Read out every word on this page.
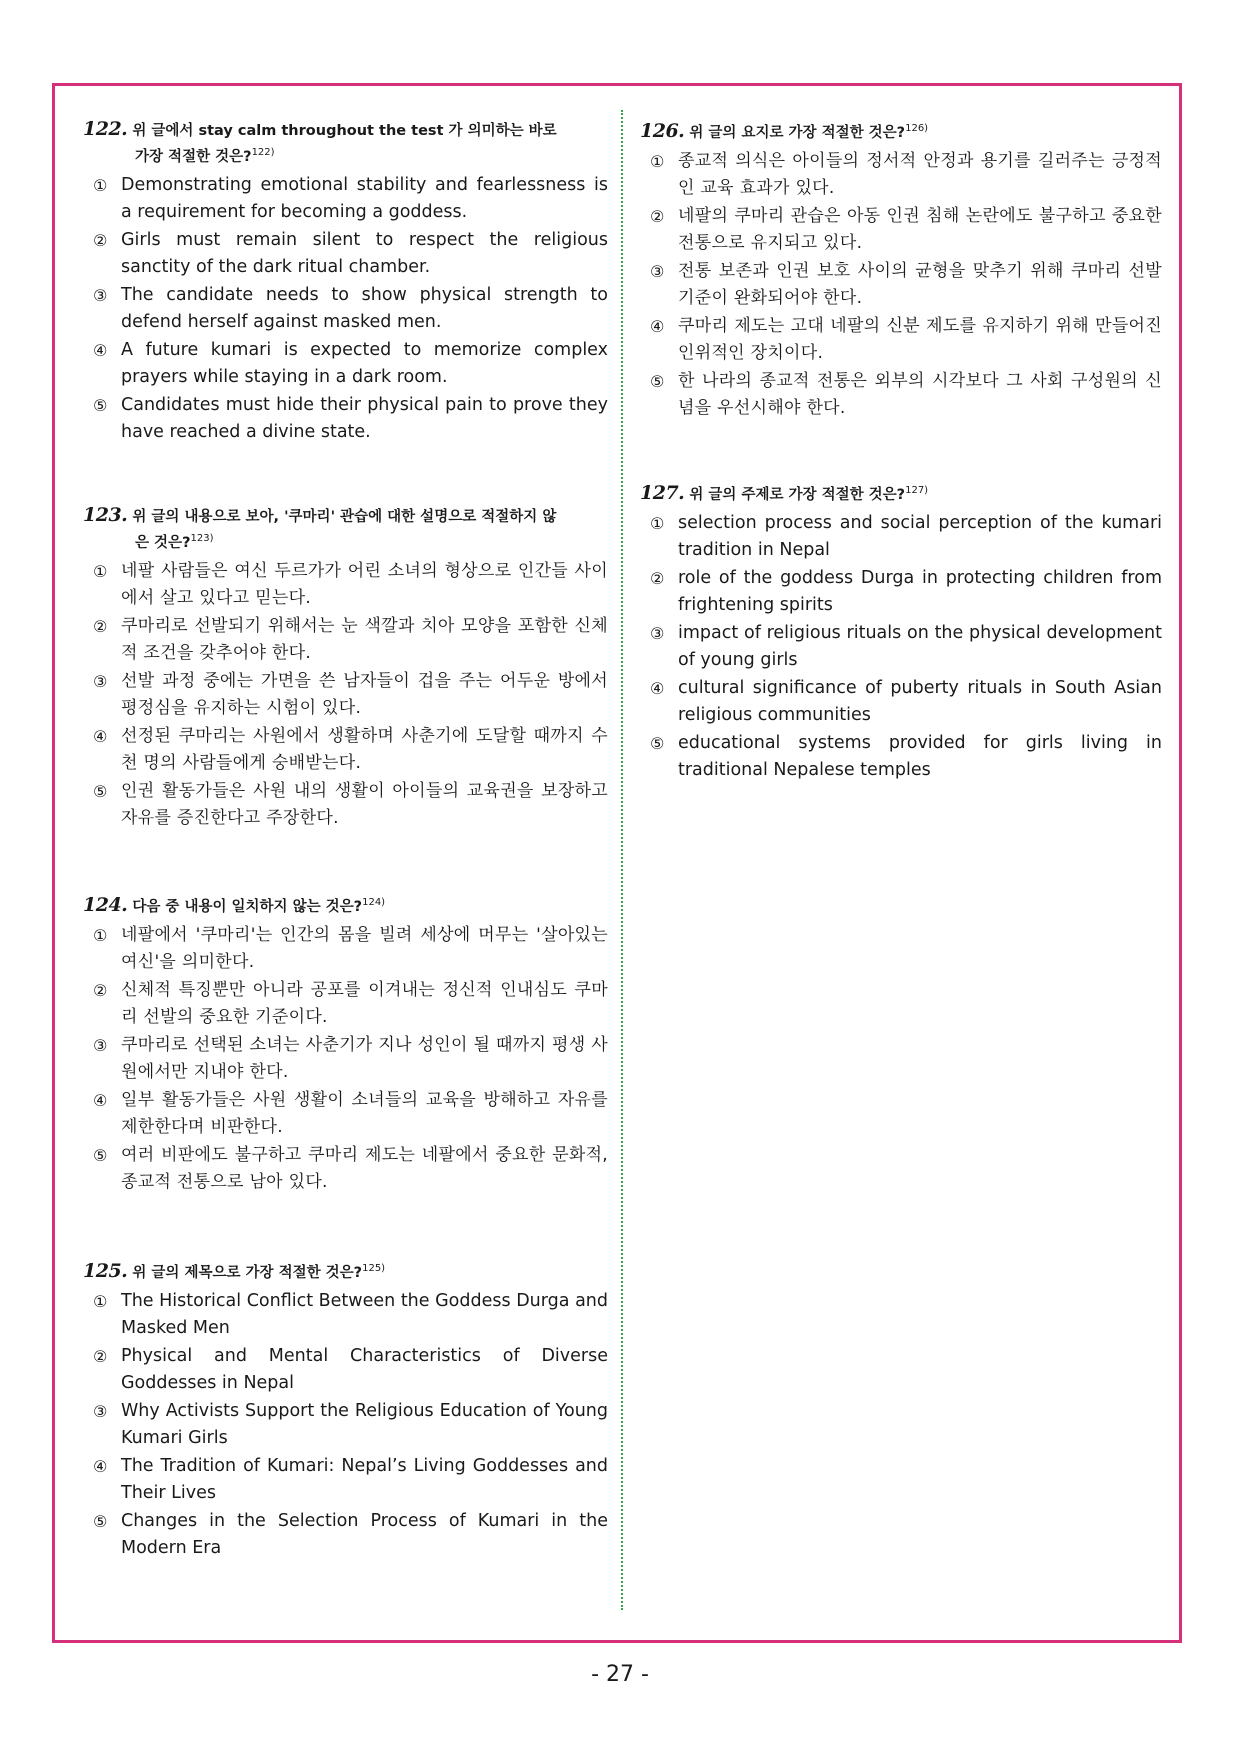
122. 위 글에서 stay calm throughout the test 가 의미하는 바로
가장 적절한 것은?$^{122)}$
① Demonstrating emotional stability and fearlessness is a requirement for becoming a goddess.
② Girls must remain silent to respect the religious sanctity of the dark ritual chamber.
③ The candidate needs to show physical strength to defend herself against masked men.
④ A future kumari is expected to memorize complex prayers while staying in a dark room.
⑤ Candidates must hide their physical pain to prove they have reached a divine state.
123. 위 글의 내용으로 보아, '쿠마리' 관습에 대한 설명으로 적절하지 않
은 것은?$^{123)}$
① 네팔 사람들은 여신 두르가가 어린 소녀의 형상으로 인간들 사이에서 살고 있다고 믿는다.
② 쿠마리로 선발되기 위해서는 눈 색깔과 치아 모양을 포함한 신체적 조건을 갖추어야 한다.
③ 선발 과정 중에는 가면을 쓴 남자들이 겁을 주는 어두운 방에서 평정심을 유지하는 시험이 있다.
④ 선정된 쿠마리는 사원에서 생활하며 사춘기에 도달할 때까지 수천 명의 사람들에게 숭배받는다.
⑤ 인권 활동가들은 사원 내의 생활이 아이들의 교육권을 보장하고 자유를 증진한다고 주장한다.
124. 다음 중 내용이 일치하지 않는 것은?$^{124)}$
① 네팔에서 '쿠마리'는 인간의 몸을 빌려 세상에 머무는 '살아있는 여신'을 의미한다.
② 신체적 특징뿐만 아니라 공포를 이겨내는 정신적 인내심도 쿠마리 선발의 중요한 기준이다.
③ 쿠마리로 선택된 소녀는 사춘기가 지나 성인이 될 때까지 평생 사원에서만 지내야 한다.
④ 일부 활동가들은 사원 생활이 소녀들의 교육을 방해하고 자유를 제한한다며 비판한다.
⑤ 여러 비판에도 불구하고 쿠마리 제도는 네팔에서 중요한 문화적, 종교적 전통으로 남아 있다.
125. 위 글의 제목으로 가장 적절한 것은?$^{125)}$
① The Historical Conflict Between the Goddess Durga and Masked Men
② Physical and Mental Characteristics of Diverse Goddesses in Nepal
③ Why Activists Support the Religious Education of Young Kumari Girls
④ The Tradition of Kumari: Nepal’s Living Goddesses and Their Lives
⑤ Changes in the Selection Process of Kumari in the Modern Era
126. 위 글의 요지로 가장 적절한 것은?$^{126)}$
① 종교적 의식은 아이들의 정서적 안정과 용기를 길러주는 긍정적인 교육 효과가 있다.
② 네팔의 쿠마리 관습은 아동 인권 침해 논란에도 불구하고 중요한 전통으로 유지되고 있다.
③ 전통 보존과 인권 보호 사이의 균형을 맞추기 위해 쿠마리 선발 기준이 완화되어야 한다.
④ 쿠마리 제도는 고대 네팔의 신분 제도를 유지하기 위해 만들어진 인위적인 장치이다.
⑤ 한 나라의 종교적 전통은 외부의 시각보다 그 사회 구성원의 신념을 우선시해야 한다.
127. 위 글의 주제로 가장 적절한 것은?$^{127)}$
① selection process and social perception of the kumari tradition in Nepal
② role of the goddess Durga in protecting children from frightening spirits
③ impact of religious rituals on the physical development of young girls
④ cultural significance of puberty rituals in South Asian religious communities
⑤ educational systems provided for girls living in traditional Nepalese temples
- 27 -
